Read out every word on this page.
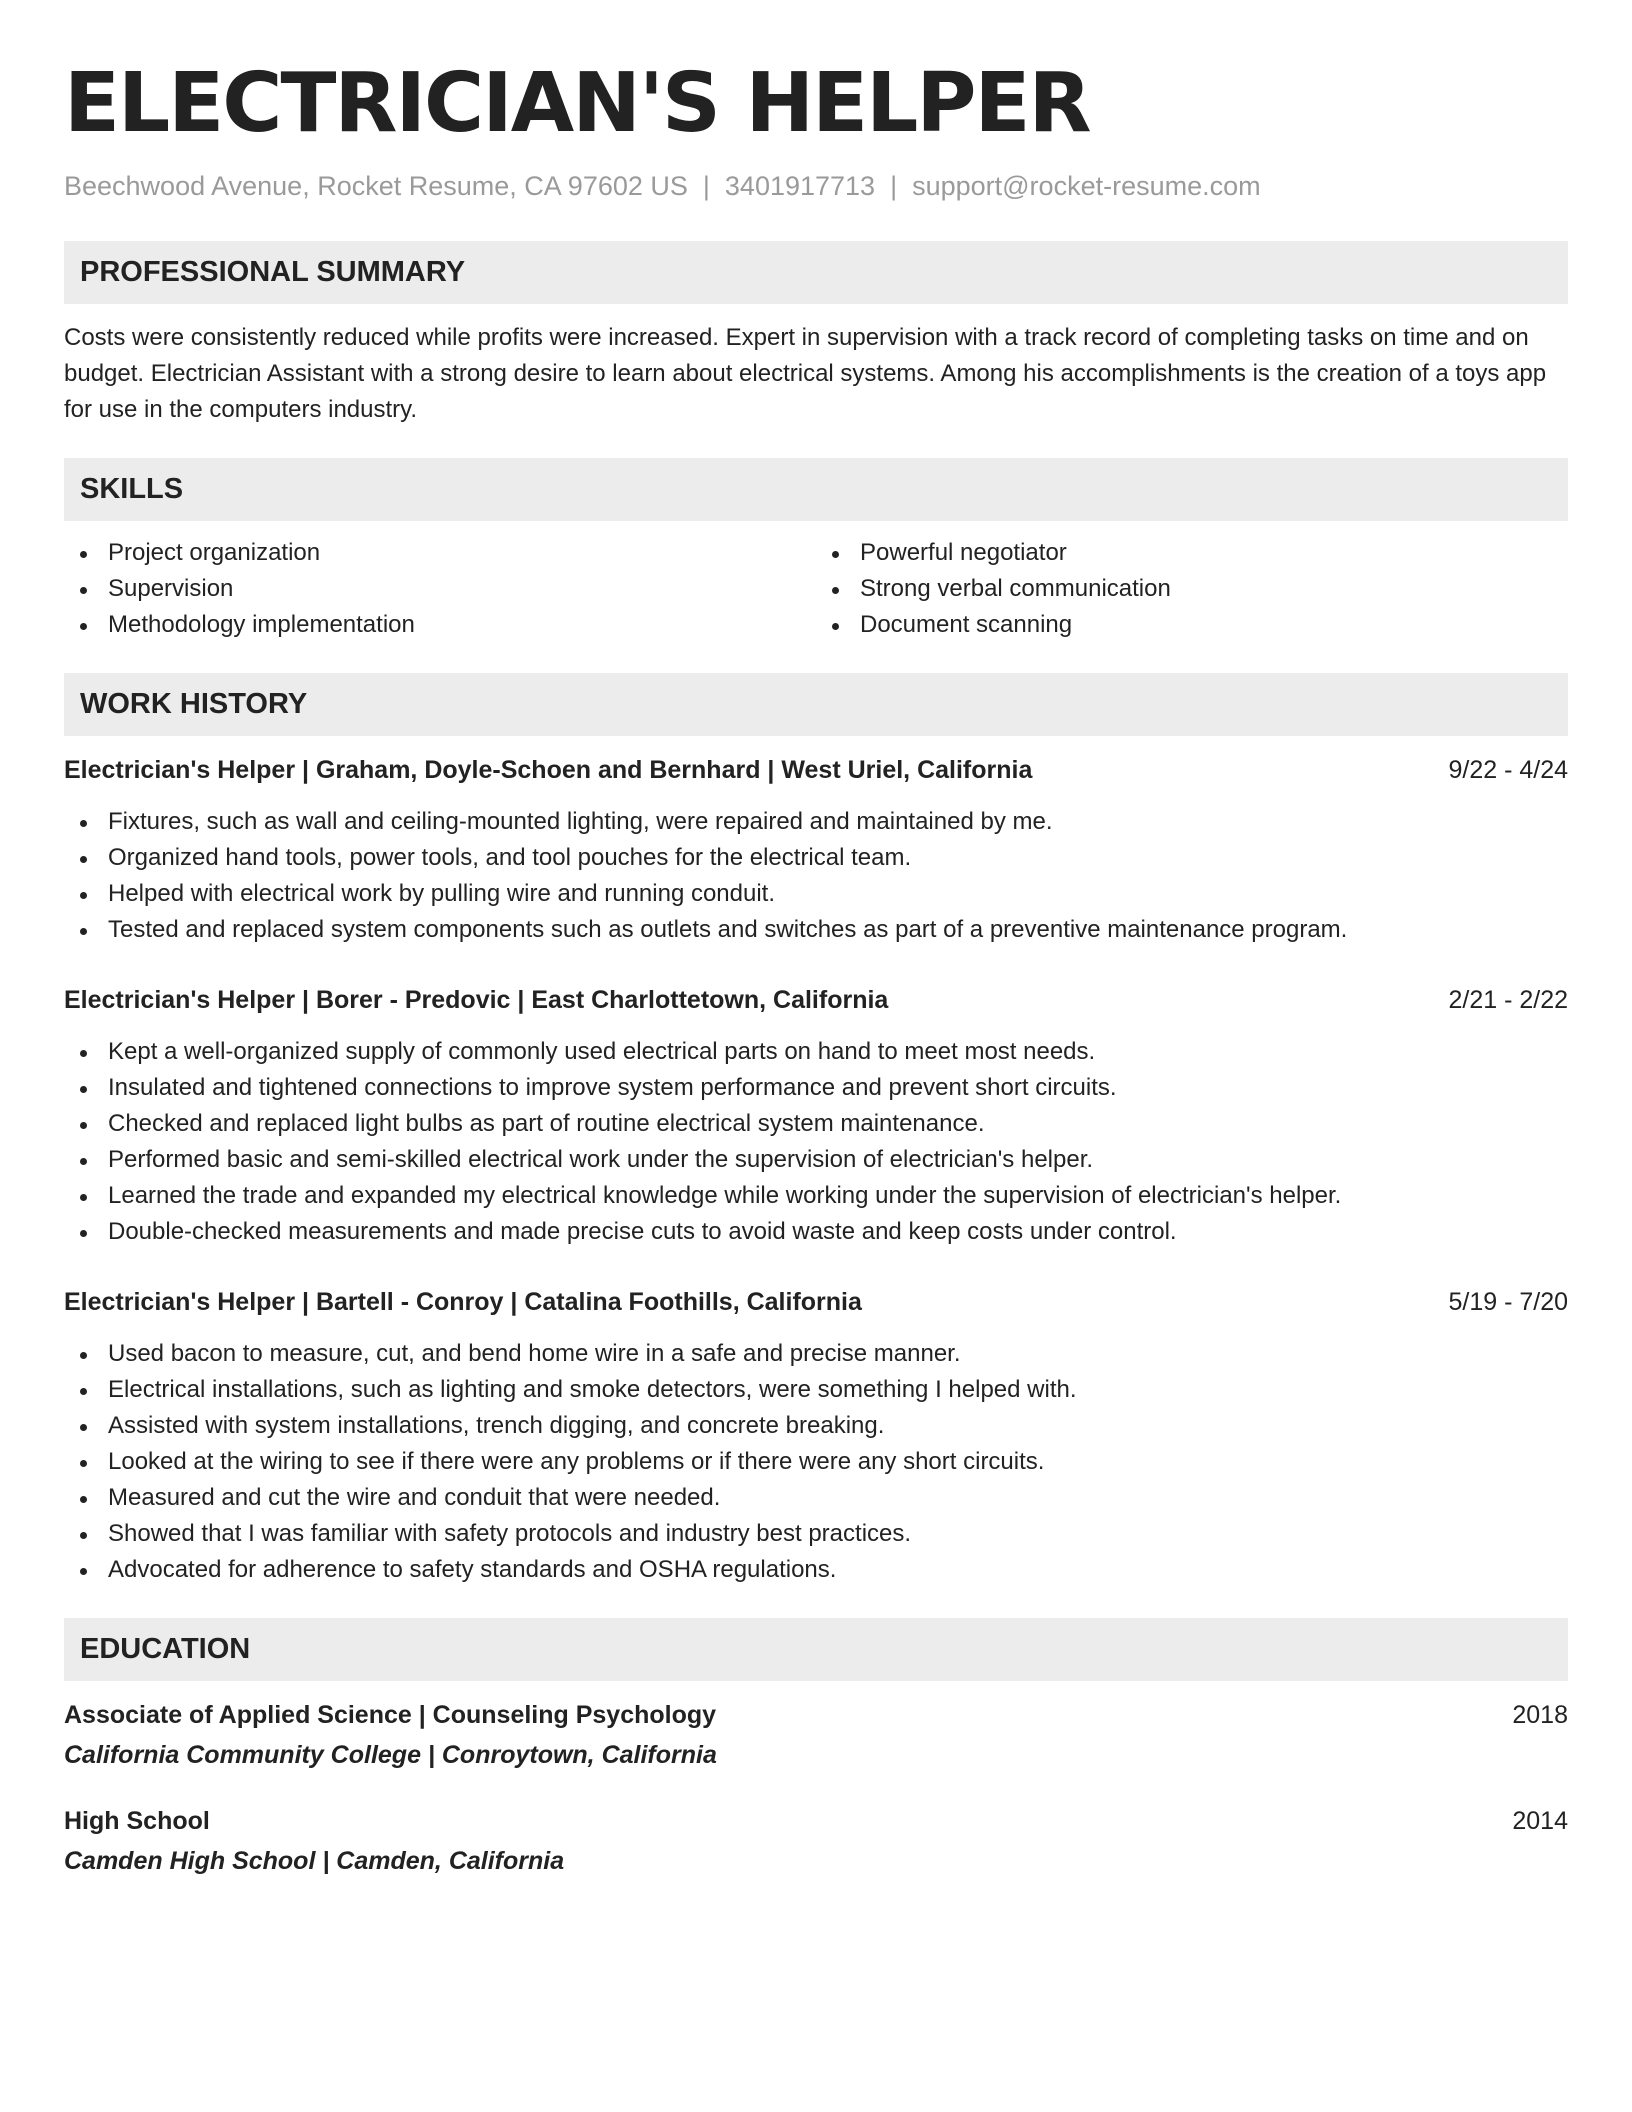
ELECTRICIAN'S HELPER
Beechwood Avenue, Rocket Resume, CA 97602 US | 3401917713 | support@rocket-resume.com
PROFESSIONAL SUMMARY

Costs were consistently reduced while profits were increased. Expert in supervision with a track record of completing tasks on time and on budget. Electrician Assistant with a strong desire to learn about electrical systems. Among his accomplishments is the creation of a toys app for use in the computers industry.

SKILLS
Project organization
Supervision
Methodology implementation
Powerful negotiator
Strong verbal communication
Document scanning
WORK HISTORY
Electrician's Helper | Graham, Doyle-Schoen and Bernhard | West Uriel, California	9/22 - 4/24
Fixtures, such as wall and ceiling-mounted lighting, were repaired and maintained by me.
Organized hand tools, power tools, and tool pouches for the electrical team.
Helped with electrical work by pulling wire and running conduit.
Tested and replaced system components such as outlets and switches as part of a preventive maintenance program.
Electrician's Helper | Borer - Predovic | East Charlottetown, California	2/21 - 2/22
Kept a well-organized supply of commonly used electrical parts on hand to meet most needs.
Insulated and tightened connections to improve system performance and prevent short circuits.
Checked and replaced light bulbs as part of routine electrical system maintenance.
Performed basic and semi-skilled electrical work under the supervision of electrician's helper.
Learned the trade and expanded my electrical knowledge while working under the supervision of electrician's helper.
Double-checked measurements and made precise cuts to avoid waste and keep costs under control.
Electrician's Helper | Bartell - Conroy | Catalina Foothills, California	5/19 - 7/20
Used bacon to measure, cut, and bend home wire in a safe and precise manner.
Electrical installations, such as lighting and smoke detectors, were something I helped with.
Assisted with system installations, trench digging, and concrete breaking.
Looked at the wiring to see if there were any problems or if there were any short circuits.
Measured and cut the wire and conduit that were needed.
Showed that I was familiar with safety protocols and industry best practices.
Advocated for adherence to safety standards and OSHA regulations.
EDUCATION
Associate of Applied Science | Counseling Psychology	2018
California Community College | Conroytown, California
High School	2014
Camden High School | Camden, California
